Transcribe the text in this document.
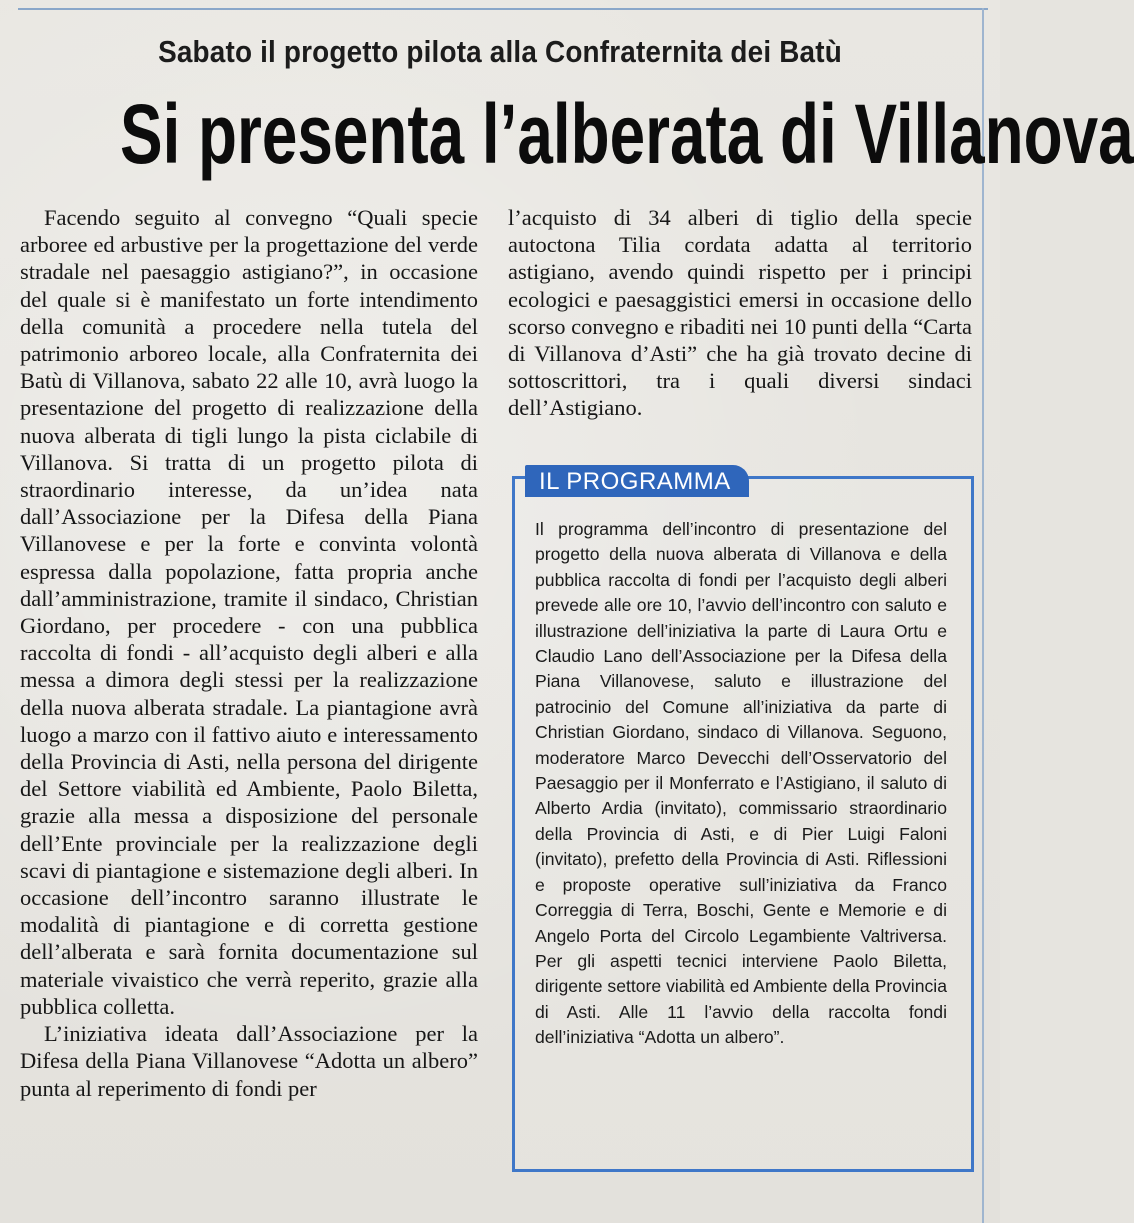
Sabato il progetto pilota alla Confraternita dei Batù
Si presenta l’alberata di Villanova

Facendo seguito al convegno “Quali specie arboree ed arbustive per la progettazione del verde stradale nel paesaggio astigiano?”, in occasione del quale si è manifestato un forte intendimento della comunità a procedere nella tutela del patrimonio arboreo locale, alla Confraternita dei Batù di Villanova, sabato 22 alle 10, avrà luogo la presentazione del progetto di realizzazione della nuova alberata di tigli lungo la pista ciclabile di Villanova. Si tratta di un progetto pilota di straordinario interesse, da un’idea nata dall’Associazione per la Difesa della Piana Villanovese e per la forte e convinta volontà espressa dalla popolazione, fatta propria anche dall’amministrazione, tramite il sindaco, Christian Giordano, per procedere - con una pubblica raccolta di fondi - all’acquisto degli alberi e alla messa a dimora degli stessi per la realizzazione della nuova alberata stradale. La piantagione avrà luogo a marzo con il fattivo aiuto e interessamento della Provincia di Asti, nella persona del dirigente del Settore viabilità ed Ambiente, Paolo Biletta, grazie alla messa a disposizione del personale dell’Ente provinciale per la realizzazione degli scavi di piantagione e sistemazione degli alberi. In occasione dell’incontro saranno illustrate le modalità di piantagione e di corretta gestione dell’alberata e sarà fornita documentazione sul materiale vivaistico che verrà reperito, grazie alla pubblica colletta.

L’iniziativa ideata dall’Associazione per la Difesa della Piana Villanovese “Adotta un albero” punta al reperimento di fondi per

l’acquisto di 34 alberi di tiglio della specie autoctona Tilia cordata adatta al territorio astigiano, avendo quindi rispetto per i principi ecologici e paesaggistici emersi in occasione dello scorso convegno e ribaditi nei 10 punti della “Carta di Villanova d’Asti” che ha già trovato decine di sottoscrittori, tra i quali diversi sindaci dell’Astigiano.

IL PROGRAMMA
Il programma dell’incontro di presentazione del progetto della nuova alberata di Villanova e della pubblica raccolta di fondi per l’acquisto degli alberi prevede alle ore 10, l’avvio dell’incontro con saluto e illustrazione dell’iniziativa la parte di Laura Ortu e Claudio Lano dell’Associazione per la Difesa della Piana Villanovese, saluto e illustrazione del patrocinio del Comune all’iniziativa da parte di Christian Giordano, sindaco di Villanova. Seguono, moderatore Marco Devecchi dell’Osservatorio del Paesaggio per il Monferrato e l’Astigiano, il saluto di Alberto Ardia (invitato), commissario straordinario della Provincia di Asti, e di Pier Luigi Faloni (invitato), prefetto della Provincia di Asti. Riflessioni e proposte operative sull’iniziativa da Franco Correggia di Terra, Boschi, Gente e Memorie e di Angelo Porta del Circolo Legambiente Valtriversa. Per gli aspetti tecnici interviene Paolo Biletta, dirigente settore viabilità ed Ambiente della Provincia di Asti. Alle 11 l’avvio della raccolta fondi dell’iniziativa “Adotta un albero”.
